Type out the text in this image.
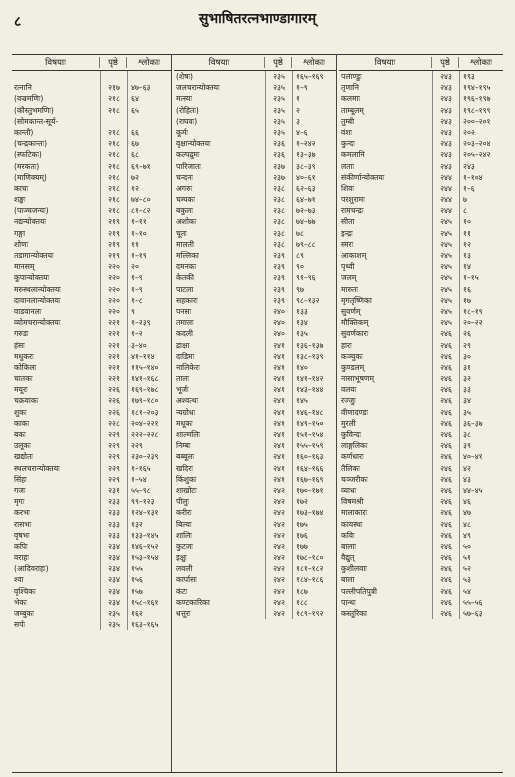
८	सुभाषितरत्नभाण्डागारम्
विषयाः	पृष्ठे	श्लोकाः
रत्नानि	२१७	४७–६३
(वज्रमणिः)	२१८	६४
(कौस्तुभमणिः)	२१८	६५
(सोमकान्त-सूर्य-
कान्तौ)	२१८	६६
(चन्द्रकान्तः)	२१८	६७
(स्फटिकः)	२१८	६८
(मरकतः)	२१८	६९–७१
(माणिक्यम्)	२१८	७२
काचः	२१८	१२
शङ्खः	२१८	७४–८०
(पाञ्चजन्यः)	२१८	८१–८२
नद्यन्योक्तयः	२१९	१–११
गङ्गा	२१९	१–१०
शोणः	२१९	११
तडागान्योक्तयः	२१९	१–१९
मानसम्	२२०	२०
कूपान्योक्तयः	२२०	१–९
मरुस्थलान्योक्तयः	२२०	१–९
दावानलान्योक्तयः	२२०	१–८
वाडवानलः	२२०	९
व्योमचरान्योक्तयः	२२१	१–२३९
गरुडः	२२१	१–२
हंसः	२२१	३–४०
मधुकरः	२२१	४१–११४
कोकिलः	२२१	११५–१४०
चातकः	२२१	१४१–१६८
मयूरः	२२६	१६९–१७८
चक्रवाकः	२२६	१७९–१८०
शुकः	२२६	१८१–२०३
काकः	२२८	२०४–२२१
बकः	२२९	२२२–२२८
उलूकः	२२९	२२९
खद्योतः	२२९	२३०–२३९
स्थलचरान्योक्तयः	२२९	१–१६५
सिंहः	२२९	१–५४
गजः	२३१	५५–९८
मृगः	२३३	९९–१२३
करभः	२३३	१२४–१३१
रासभः	२३३	१३२
वृषभः	२३३	१३३–१४५
कपिः	२३४	१४६–१५२
वराहः	२३४	१५३–१५४
(आदिवराहः)	२३४	१५५
श्वा	२३४	१५६
वृश्चिकः	२३४	१५७
भेकः	२३४	१५८–१६१
जम्बुकः	२३५	१६२
सर्पः	२३५	१६३–१६५
विषयाः	पृष्ठे	श्लोकाः
(शेषः)	२३५	१६५–१६९
जलचरान्योक्तयः	२३५	१–९
मत्स्यः	२३५	१
(रोहितः)	२३५	२
(राघवः)	२३५	३
कूर्मः	२३५	४–६
वृक्षान्योक्तयः	२३६	१–२४२
कल्पद्रुमः	२३६	१३–३७
पारिजातः	२३७	३८–३९
चन्दनः	२३७	४०–६१
अगरुः	२३८	६२–६३
चम्पकः	२३८	६४–७१
बकुलः	२३८	७२–७३
अशोकः	२३८	७४–७७
चूतः	२३८	७८
मालती	२३८	७९–८८
मल्लिका	२३९	८९
दमनकः	२३९	९०
केतकी	२३९	९१–९६
पाटला	२३९	९७
सहकारः	२३९	९८–१३२
पनसः	२४०	१३३
तमालः	२४०	१३४
कदली	२४०	१३५
द्राक्षा	२४१	१३६–१३७
दाडिमः	२४१	१३८–१३९
नालिकेरः	२४१	१४०
तालः	२४१	१४१–१४२
भूर्जः	२४१	१४३–१४४
अश्वत्थः	२४१	१४५
न्यग्रोधः	२४१	१४६–१४८
मधूकः	२४१	१४९–१५०
शाल्मलिः	२४१	१५१–१५४
निम्बः	२४१	१५५–१५९
बब्बूलः	२४१	१६०–१६३
खदिरः	२४१	१६४–१६६
किंशुकः	२४१	१६७–१६९
शाखोटः	२४२	१७०–१७१
पीलुः	२४२	१७२
करीरः	२४२	१७३–१७४
बिल्वः	२४२	१७५
शालिः	२४२	१७६
कुटजः	२४२	१७७
इक्षुः	२४२	१७८–१८०
लवली	२४२	१८१–१८२
कार्पासः	२४२	१८४–१८६
कंटः	२४२	१८७
कण्टकारिका	२४२	१८८
धत्तूरः	२४२	१८९–१९२
विषयाः	पृष्ठे	श्लोकाः
पलाण्डुः	२४३	१९३
तृणानि	२४३	१९४–१९५
कलमाः	२४३	१९६–१९७
ताम्बूलम्	२४३	१९८–१९९
तुम्बी	२४३	२००–२०१
वंशः	२४३	२०२
कुन्दः	२४३	२०३–२०४
कमलानि	२४३	२०५–२४२
लताः	२४३	२४३
संकीर्णान्योक्तयः	२४४	१–१०४
शिवः	२४४	१–६
परशुरामः	२४४	७
रामचन्द्रः	२४४	८
सीता	२४५	१०
इन्द्रः	२४५	११
स्मरः	२४५	१२
आकाशम्	२४५	१३
पृथ्वी	२४५	१४
जलम्	२४५	१–१५
मारुतः	२४५	१६
मृगतृष्णिका	२४५	१७
सुवर्णम्	२४५	१८–१९
मौक्तिकम्	२४५	२०–२२
सुवर्णकारः	२४६	२६
हारः	२४६	२९
कञ्चुकः	२४६	३०
कुण्डलम्	२४६	३१
नासाभूषणम्	२४६	३२
वलयः	२४६	३३
रज्जुः	२४६	३४
वीणादण्डः	२४६	३५
मुरली	२४६	३६–३७
कुविन्दः	२४६	३८
लाङ्गलिकः	२४६	३९
कर्णधारः	२४६	४०–४१
तैलिकः	२४६	४२
चञ्जरीकः	२४६	४३
व्याधः	२४६	४४–४५
विषमश्री	२४६	४६
मालाकारः	२४६	४७
कायस्थः	२४६	४८
कविः	२४६	४९
बालाः	२४६	५०
वैद्युत्	२४६	५१
कुशीलवाः	२४६	५२
बाला	२४६	५३
पल्लीपतिपुत्री	२४६	५४
पान्थः	२४६	५५–५६
कस्तूरिका	२४६	५७–६३
